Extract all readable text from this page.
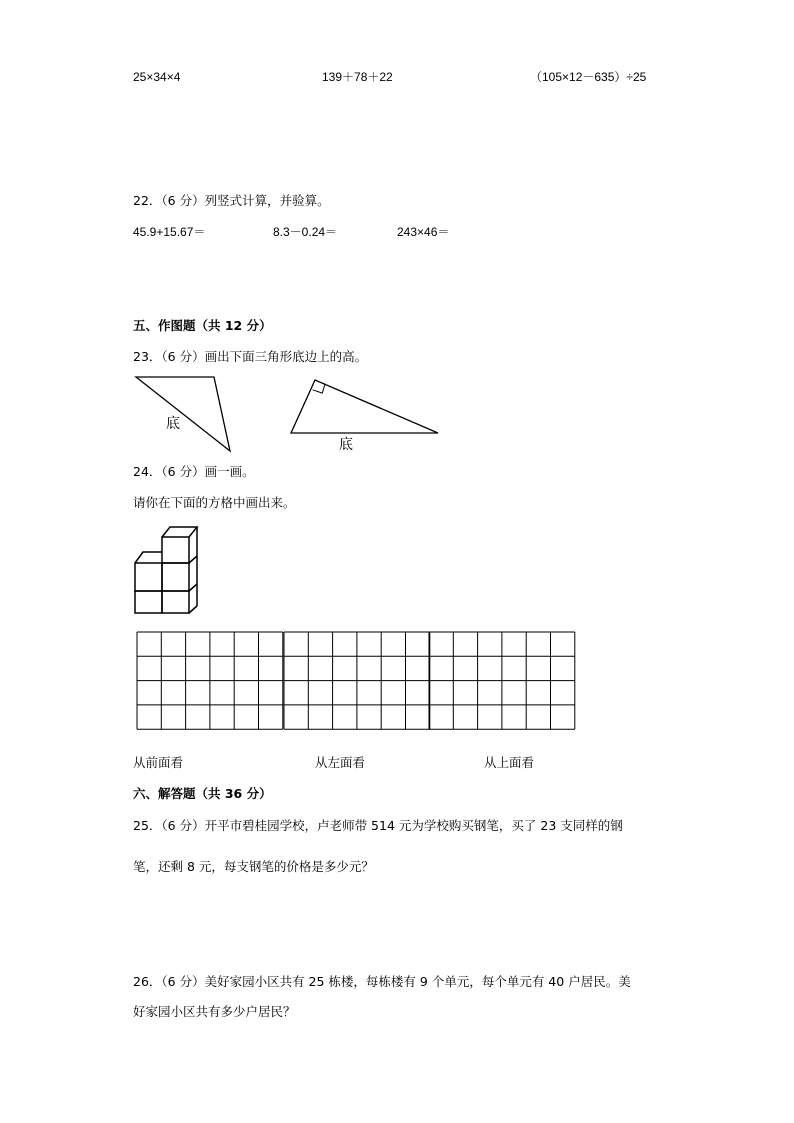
25×34×4	139＋78＋22	（105×12－635）÷25
22．（6 分）列竖式计算，并验算。
45.9+15.67＝	8.3－0.24＝	243×46＝
五、作图题（共 12 分）
23．（6 分）画出下面三角形底边上的高。
底
底
24．（6 分）画一画。
请你在下面的方格中画出来。
从前面看	从左面看	从上面看
六、解答题（共 36 分）
25．（6 分）开平市碧桂园学校，卢老师带 514 元为学校购买钢笔，买了 23 支同样的钢
笔，还剩 8 元，每支钢笔的价格是多少元？
26．（6 分）美好家园小区共有 25 栋楼，每栋楼有 9 个单元，每个单元有 40 户居民。美
好家园小区共有多少户居民？
